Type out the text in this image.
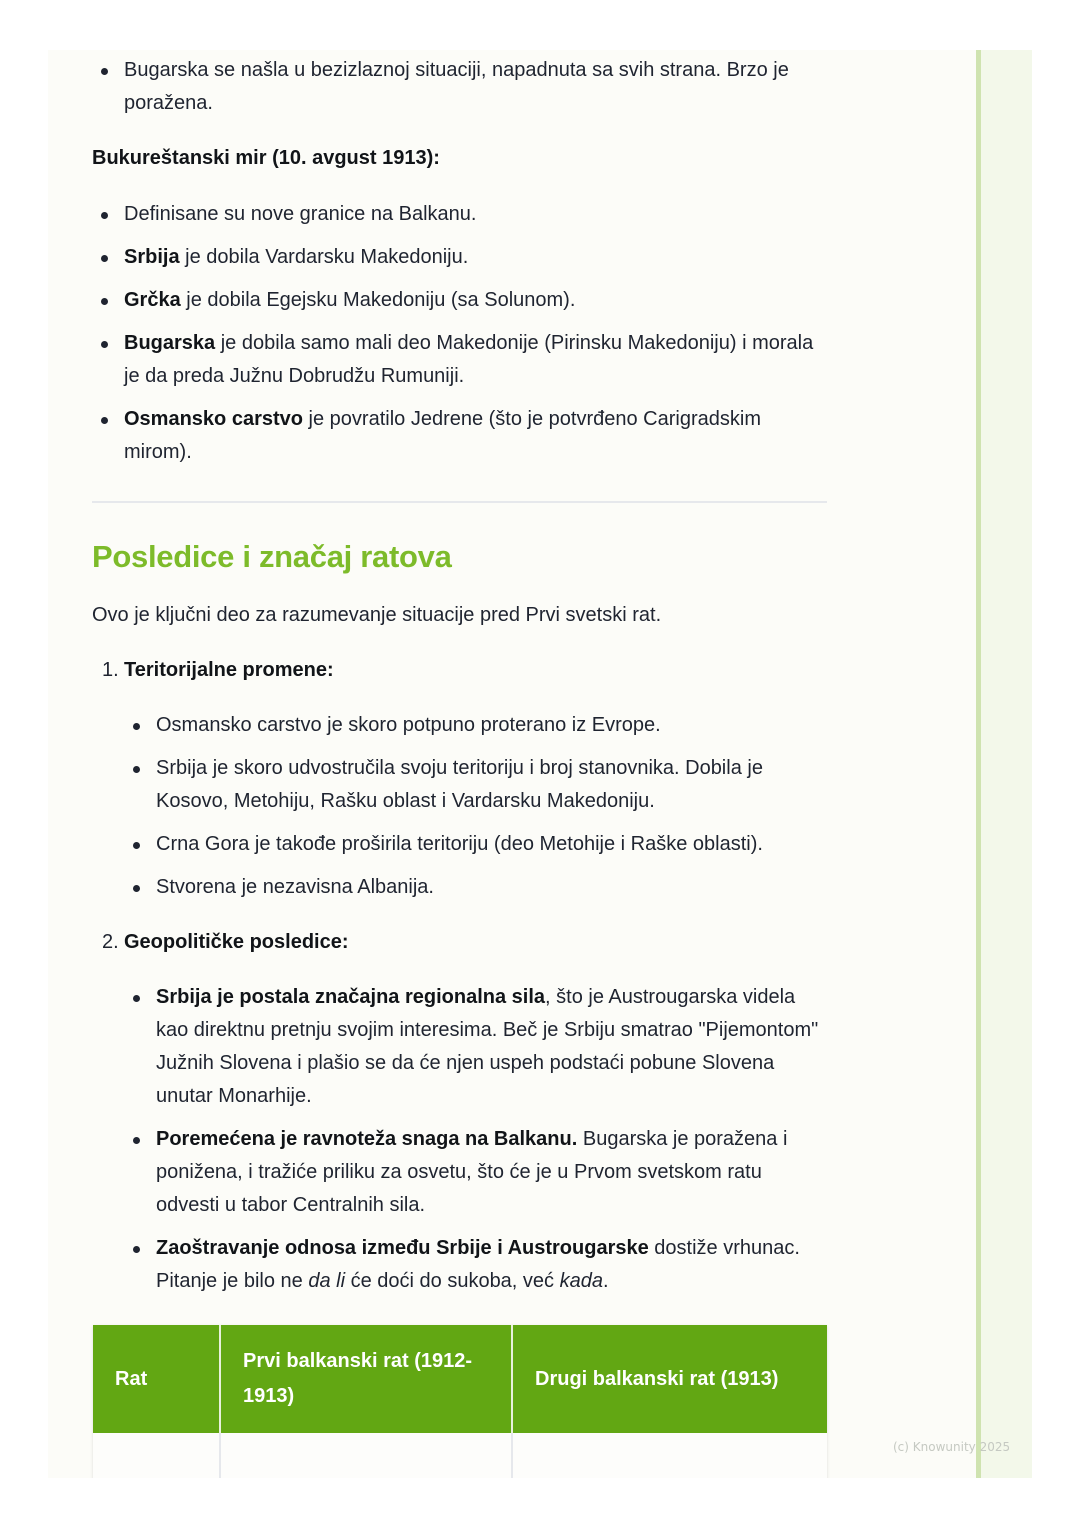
Bugarska se našla u bezizlaznoj situaciji, napadnuta sa svih strana. Brzo je poražena.
Bukureštanski mir (10. avgust 1913):
Definisane su nove granice na Balkanu.
Srbija je dobila Vardarsku Makedoniju.
Grčka je dobila Egejsku Makedoniju (sa Solunom).
Bugarska je dobila samo mali deo Makedonije (Pirinsku Makedoniju) i morala je da preda Južnu Dobrudžu Rumuniji.
Osmansko carstvo je povratilo Jedrene (što je potvrđeno Carigradskim mirom).
Posledice i značaj ratova

Ovo je ključni deo za razumevanje situacije pred Prvi svetski rat.

1. Teritorijalne promene:
Osmansko carstvo je skoro potpuno proterano iz Evrope.
Srbija je skoro udvostručila svoju teritoriju i broj stanovnika. Dobila je Kosovo, Metohiju, Rašku oblast i Vardarsku Makedoniju.
Crna Gora je takođe proširila teritoriju (deo Metohije i Raške oblasti).
Stvorena je nezavisna Albanija.
2. Geopolitičke posledice:
Srbija je postala značajna regionalna sila, što je Austrougarska videla kao direktnu pretnju svojim interesima. Beč je Srbiju smatrao "Pijemontom" Južnih Slovena i plašio se da će njen uspeh podstaći pobune Slovena unutar Monarhije.
Poremećena je ravnoteža snaga na Balkanu. Bugarska je poražena i ponižena, i tražiće priliku za osvetu, što će je u Prvom svetskom ratu odvesti u tabor Centralnih sila.
Zaoštravanje odnosa između Srbije i Austrougarske dostiže vrhunac. Pitanje je bilo ne da li će doći do sukoba, već kada.
Rat	Prvi balkanski rat (1912-1913)	Drugi balkanski rat (1913)

(c) Knowunity 2025
